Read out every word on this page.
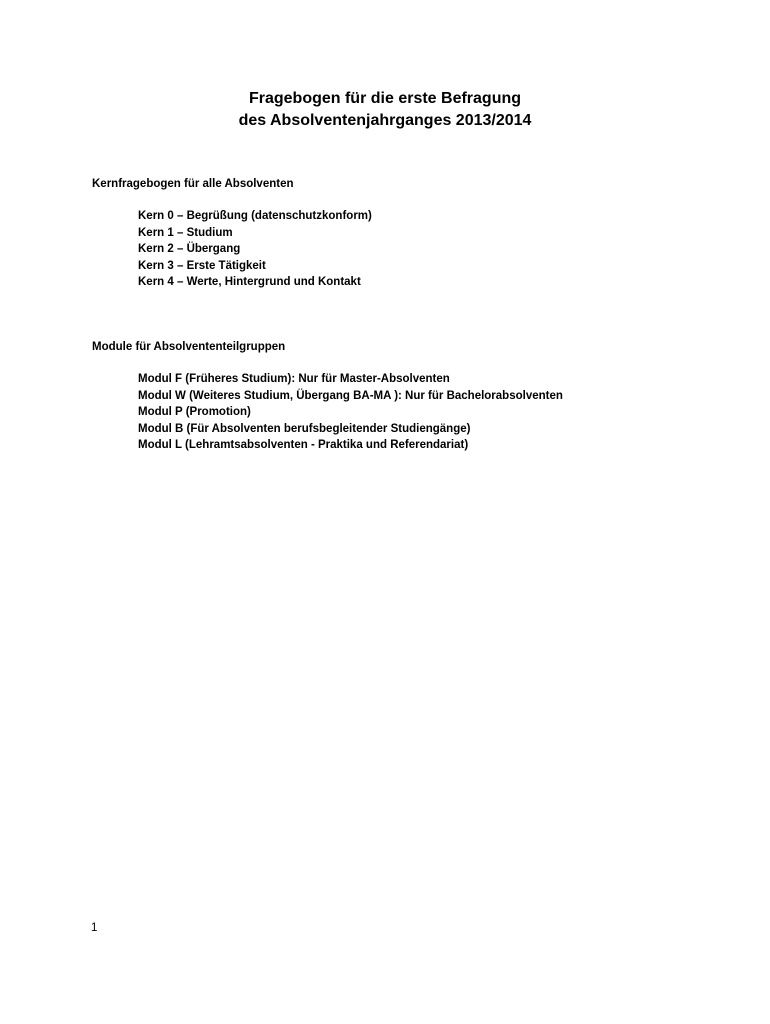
Fragebogen für die erste Befragung
des Absolventenjahrganges 2013/2014
Kernfragebogen für alle Absolventen
Kern 0 – Begrüßung (datenschutzkonform)
Kern 1 – Studium
Kern 2 – Übergang
Kern 3 – Erste Tätigkeit
Kern 4 – Werte, Hintergrund und Kontakt
Module für Absolvententeilgruppen
Modul F (Früheres Studium): Nur für Master-Absolventen
Modul W (Weiteres Studium, Übergang BA-MA ): Nur für Bachelorabsolventen
Modul P (Promotion)
Modul B (Für Absolventen berufsbegleitender Studiengänge)
Modul L (Lehramtsabsolventen - Praktika und Referendariat)
1
